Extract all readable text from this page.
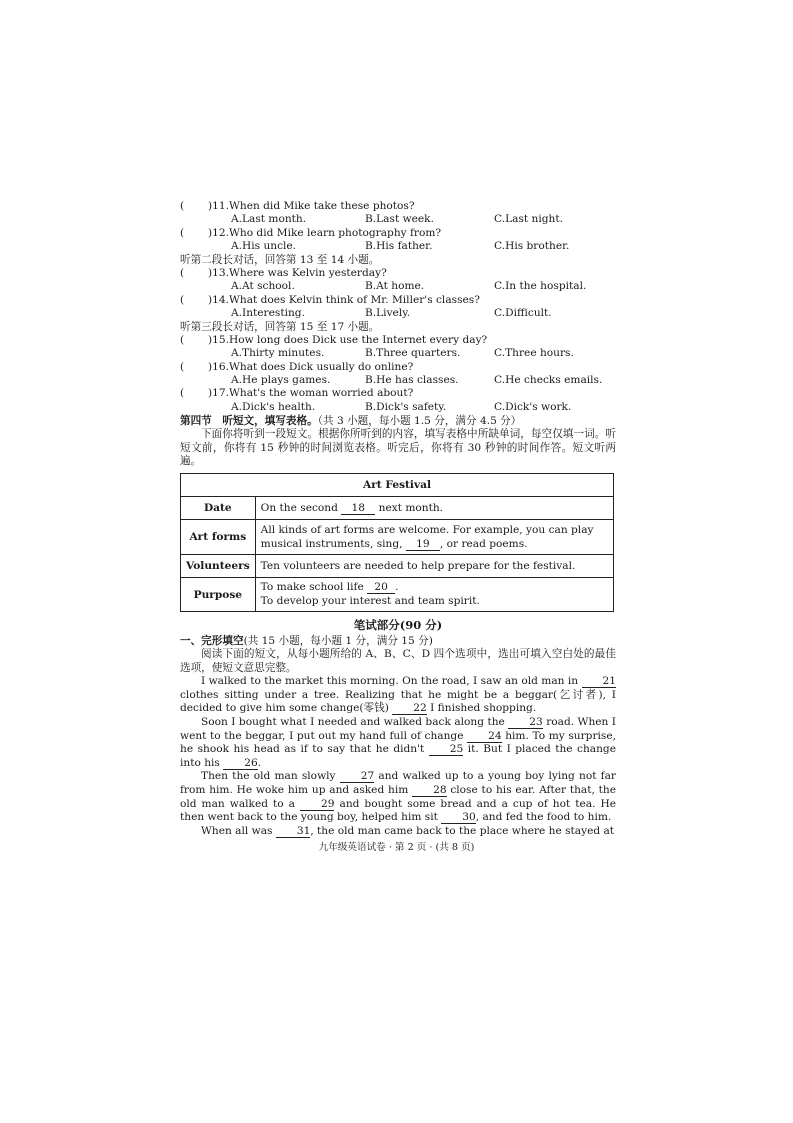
(	)11.When did Mike take these photos?
A.Last month.	B.Last week.	C.Last night.
(	)12.Who did Mike learn photography from?
A.His uncle.	B.His father.	C.His brother.
听第二段长对话，回答第 13 至 14 小题。
(	)13.Where was Kelvin yesterday?
A.At school.	B.At home.	C.In the hospital.
(	)14.What does Kelvin think of Mr. Miller's classes?
A.Interesting.	B.Lively.	C.Difficult.
听第三段长对话，回答第 15 至 17 小题。
(	)15.How long does Dick use the Internet every day?
A.Thirty minutes.	B.Three quarters.	C.Three hours.
(	)16.What does Dick usually do online?
A.He plays games.	B.He has classes.	C.He checks emails.
(	)17.What's the woman worried about?
A.Dick's health.	B.Dick's safety.	C.Dick's work.
第四节　听短文，填写表格。（共 3 小题，每小题 1.5 分，满分 4.5 分）
下面你将听到一段短文。根据你所听到的内容，填写表格中所缺单词，每空仅填一词。听短文前，你将有 15 秒钟的时间浏览表格。听完后，你将有 30 秒钟的时间作答。短文听两遍。
Art Festival	
Date	On the second 18 next month.
Art forms	All kinds of art forms are welcome. For example, you can play musical instruments, sing, 19 , or read poems.
Volunteers	Ten volunteers are needed to help prepare for the festival.
Purpose	To make school life 20 .
To develop your interest and team spirit.
笔试部分(90 分)
一、完形填空(共 15 小题，每小题 1 分，满分 15 分)
阅读下面的短文，从每小题所给的 A、B、C、D 四个选项中，选出可填入空白处的最佳选项，使短文意思完整。
I walked to the market this morning. On the road, I saw an old man in 21 clothes sitting under a tree. Realizing that he might be a beggar(乞讨者), I decided to give him some change(零钱) 22 I finished shopping.
Soon I bought what I needed and walked back along the 23 road. When I went to the beggar, I put out my hand full of change 24 him. To my surprise, he shook his head as if to say that he didn't 25 it. But I placed the change into his 26.
Then the old man slowly 27 and walked up to a young boy lying not far from him. He woke him up and asked him 28 close to his ear. After that, the old man walked to a 29 and bought some bread and a cup of hot tea. He then went back to the young boy, helped him sit 30, and fed the food to him.
When all was 31, the old man came back to the place where he stayed at
九年级英语试卷 · 第 2 页 · (共 8 页)
